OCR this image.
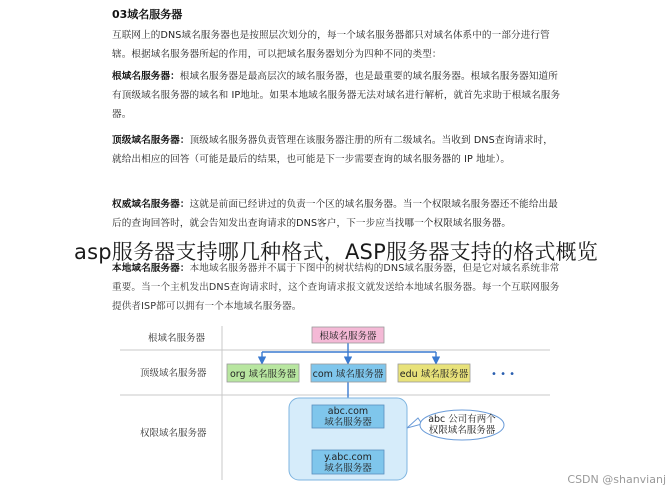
03域名服务器
互联网上的DNS域名服务器也是按照层次划分的，每一个域名服务器都只对域名体系中的一部分进行管辖。根据域名服务器所起的作用，可以把域名服务器划分为四种不同的类型：
根域名服务器：根域名服务器是最高层次的域名服务器，也是最重要的域名服务器。根域名服务器知道所有顶级域名服务器的域名和 IP地址。如果本地域名服务器无法对域名进行解析，就首先求助于根域名服务器。
顶级域名服务器：顶级域名服务器负责管理在该服务器注册的所有二级域名。当收到 DNS查询请求时，就给出相应的回答（可能是最后的结果，也可能是下一步需要查询的域名服务器的 IP 地址）。
权威域名服务器：这就是前面已经讲过的负责一个区的域名服务器。当一个权限域名服务器还不能给出最后的查询回答时，就会告知发出查询请求的DNS客户，下一步应当找哪一个权限域名服务器。
本地域名服务器：本地域名服务器并不属于下图中的树状结构的DNS域名服务器，但是它对域名系统非常重要。当一个主机发出DNS查询请求时，这个查询请求报文就发送给本地域名服务器。每一个互联网服务提供者ISP都可以拥有一个本地域名服务器。
根域名服务器
顶级域名服务器
权限域名服务器
根域名服务器
org 域名服务器 com 域名服务器 edu 域名服务器 • • •
abc.com
域名服务器
y.abc.com
域名服务器
abc 公司有两个
权限域名服务器
asp服务器支持哪几种格式，ASP服务器支持的格式概览
CSDN @shanvianj
